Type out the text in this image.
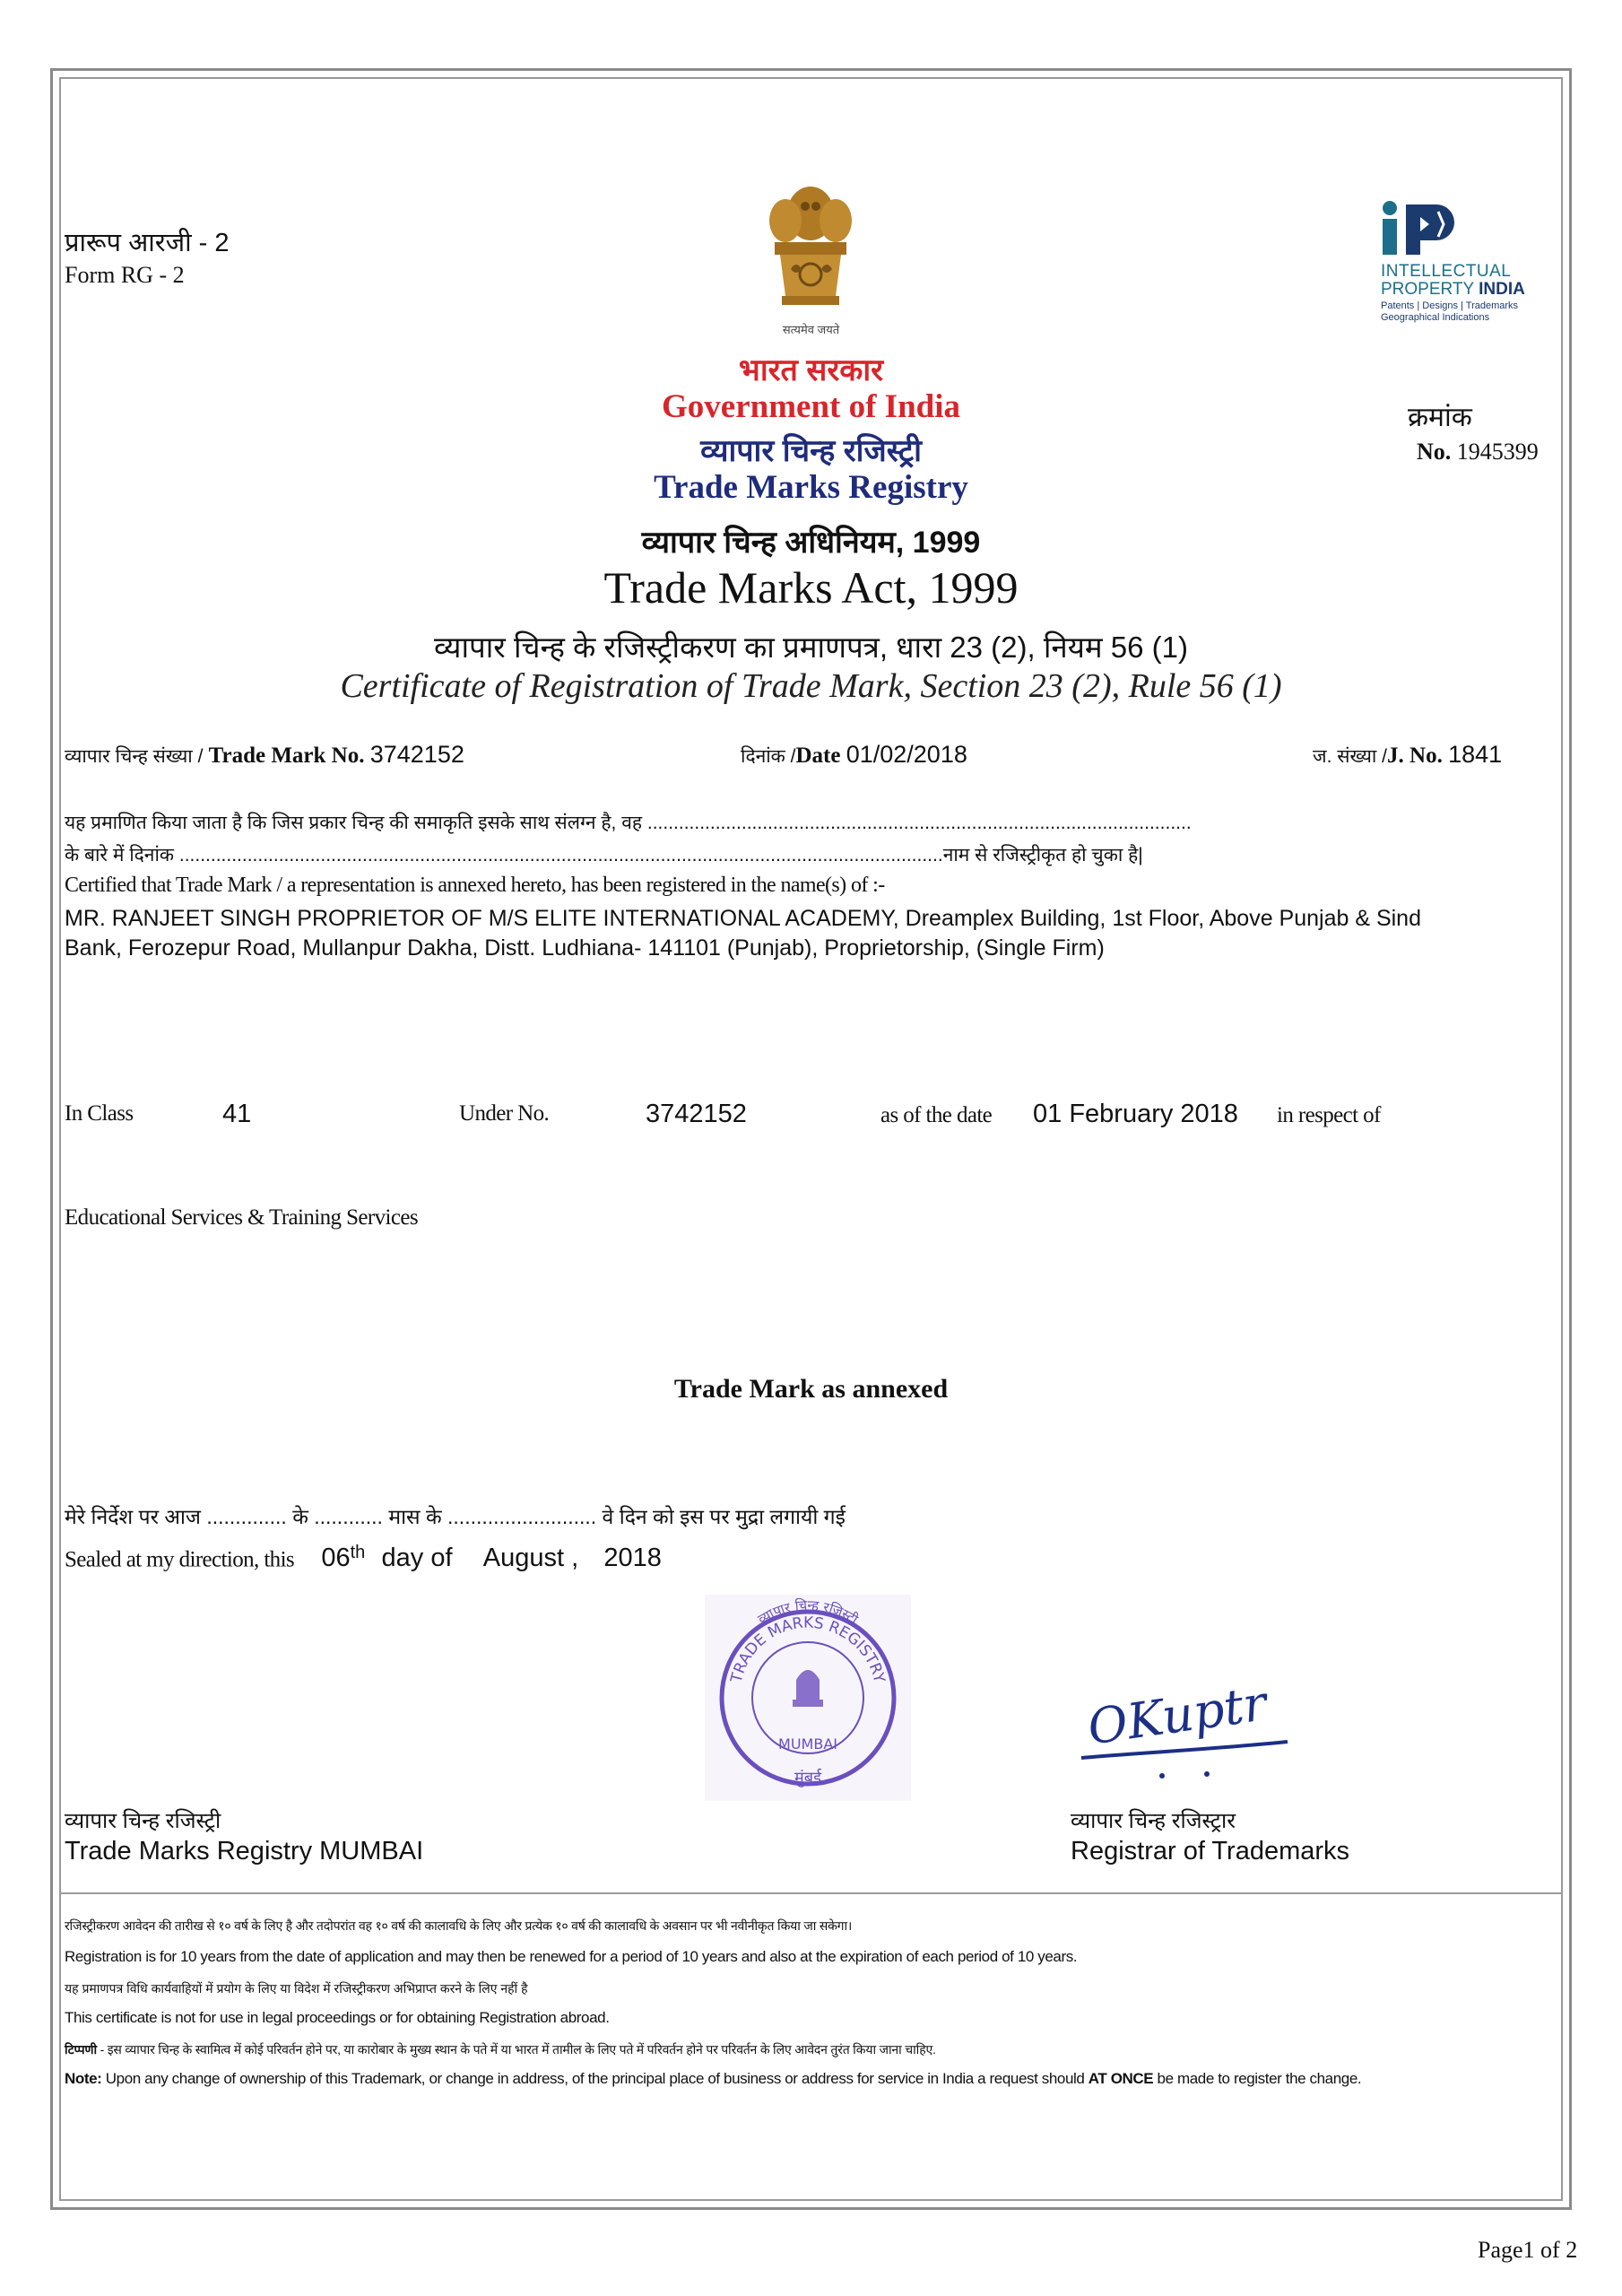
प्रारूप आरजी - 2
Form RG - 2
सत्यमेव जयते
INTELLECTUAL
PROPERTY INDIA
Patents | Designs | Trademarks
Geographical Indications
भारत सरकार
Government of India
व्यापार चिन्ह रजिस्ट्री
Trade Marks Registry
व्यापार चिन्ह अधिनियम, 1999
Trade Marks Act, 1999
व्यापार चिन्ह के रजिस्ट्रीकरण का प्रमाणपत्र, धारा 23 (2), नियम 56 (1)
Certificate of Registration of Trade Mark, Section 23 (2), Rule 56 (1)
क्रमांक
No. 1945399
व्यापार चिन्ह संख्या / Trade Mark No. 3742152	दिनांक /Date 01/02/2018	ज. संख्या /J. No. 1841
यह प्रमाणित किया जाता है कि जिस प्रकार चिन्ह की समाकृति इसके साथ संलग्न है, वह ........................................................................................................
के बारे में दिनांक ..................................................................................................................................................नाम से रजिस्ट्रीकृत हो चुका है|
Certified that Trade Mark / a representation is annexed hereto, has been registered in the name(s) of :-
MR. RANJEET SINGH PROPRIETOR OF M/S ELITE INTERNATIONAL ACADEMY, Dreamplex Building, 1st Floor, Above Punjab & Sind
Bank, Ferozepur Road, Mullanpur Dakha, Distt. Ludhiana- 141101 (Punjab), Proprietorship, (Single Firm)
In Class	41	Under No.	3742152	as of the date 01 February 2018 in respect of
Educational Services & Training Services
Trade Mark as annexed
मेरे निर्देश पर आज .............. के ............ मास के .......................... वे दिन को इस पर मुद्रा लगायी गई
Sealed at my direction, this 06th day of August , 2018
TRADE MARKS REGISTRY
व्यापार चिन्ह रजिस्ट्री
MUMBAI
मुंबई
OKuptr
व्यापार चिन्ह रजिस्ट्री
Trade Marks Registry MUMBAI
व्यापार चिन्ह रजिस्ट्रार
Registrar of Trademarks
रजिस्ट्रीकरण आवेदन की तारीख से १० वर्ष के लिए है और तदोपरांत वह १० वर्ष की कालावधि के लिए और प्रत्येक १० वर्ष की कालावधि के अवसान पर भी नवीनीकृत किया जा सकेगा।
Registration is for 10 years from the date of application and may then be renewed for a period of 10 years and also at the expiration of each period of 10 years.
यह प्रमाणपत्र विधि कार्यवाहियों में प्रयोग के लिए या विदेश में रजिस्ट्रीकरण अभिप्राप्त करने के लिए नहीं है
This certificate is not for use in legal proceedings or for obtaining Registration abroad.
टिप्पणी - इस व्यापार चिन्ह के स्वामित्व में कोई परिवर्तन होने पर, या कारोबार के मुख्य स्थान के पते में या भारत में तामील के लिए पते में परिवर्तन होने पर परिवर्तन के लिए आवेदन तुरंत किया जाना चाहिए.
Note: Upon any change of ownership of this Trademark, or change in address, of the principal place of business or address for service in India a request should AT ONCE be made to register the change.
Page1 of 2
